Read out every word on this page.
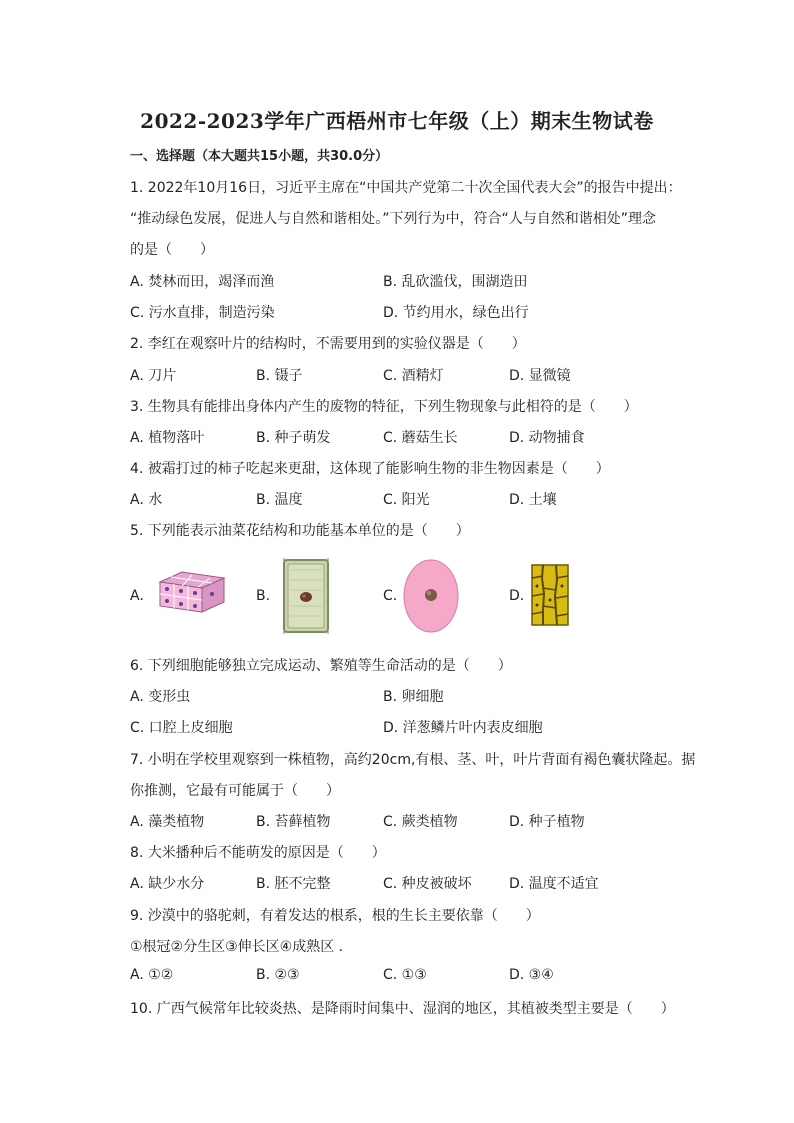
2022-2023学年广西梧州市七年级（上）期末生物试卷
一、选择题（本大题共15小题，共30.0分）
1. 2022年10月16日，习近平主席在“中国共产党第二十次全国代表大会”的报告中提出：
“推动绿色发展，促进人与自然和谐相处。”下列行为中，符合“人与自然和谐相处”理念
的是（　　）
A. 焚林而田，竭泽而渔	B. 乱砍滥伐，围湖造田
C. 污水直排，制造污染	D. 节约用水，绿色出行
2. 李红在观察叶片的结构时，不需要用到的实验仪器是（　　）
A. 刀片	B. 镊子	C. 酒精灯	D. 显微镜
3. 生物具有能排出身体内产生的废物的特征，下列生物现象与此相符的是（　　）
A. 植物落叶	B. 种子萌发	C. 蘑菇生长	D. 动物捕食
4. 被霜打过的柿子吃起来更甜，这体现了能影响生物的非生物因素是（　　）
A. 水	B. 温度	C. 阳光	D. 土壤
5. 下列能表示油菜花结构和功能基本单位的是（　　）
A.	B.	C.	D.
6. 下列细胞能够独立完成运动、繁殖等生命活动的是（　　）
A. 变形虫	B. 卵细胞
C. 口腔上皮细胞	D. 洋葱鳞片叶内表皮细胞
7. 小明在学校里观察到一株植物，高约20cm,有根、茎、叶，叶片背面有褐色囊状隆起。据
你推测，它最有可能属于（　　）
A. 藻类植物	B. 苔藓植物	C. 蕨类植物	D. 种子植物
8. 大米播种后不能萌发的原因是（　　）
A. 缺少水分	B. 胚不完整	C. 种皮被破坏	D. 温度不适宜
9. 沙漠中的骆驼刺，有着发达的根系，根的生长主要依靠（　　）
①根冠②分生区③伸长区④成熟区 .
A. ①②	B. ②③	C. ①③	D. ③④
10. 广西气候常年比较炎热、是降雨时间集中、湿润的地区，其植被类型主要是（　　）
